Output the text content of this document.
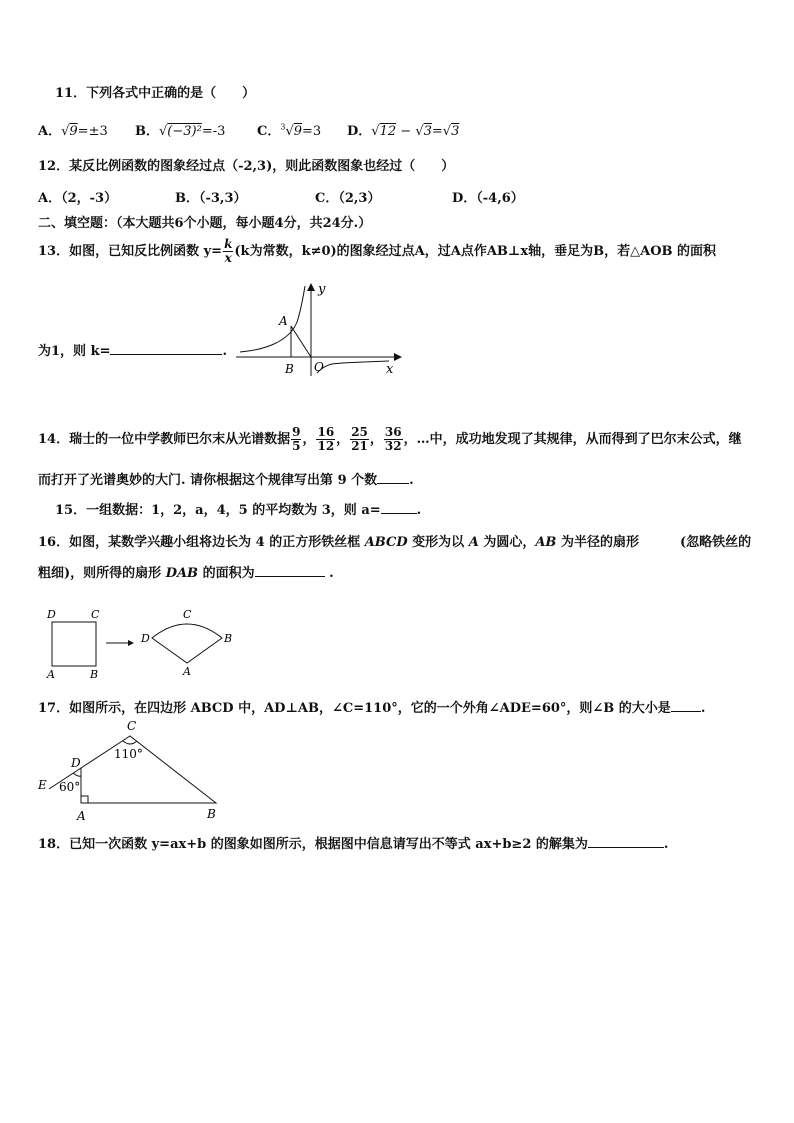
11．下列各式中正确的是（　　）
A．√9=±3 B．√(−3)²=-3 C．$^3$√9=3 D．√12 − √3=√3
12．某反比例函数的图象经过点（-2,3)，则此函数图象也经过（　　）
A．（2，-3）	B．（-3,3）	C．（2,3）	D．（-4,6）
二、填空题：（本大题共6个小题，每小题4分，共24分.）
13．如图，已知反比例函数 $y= \frac{k}{x} (k$为常数，k≠0)的图象经过点A，过A点作AB⊥x轴，垂足为B，若△AOB 的面积
为1，则 k=	.
A
B O	x
y
14．瑞士的一位中学教师巴尔末从光谱数据 $\frac{9}{5}$ ， $\frac{16}{12}$ ， $\frac{25}{21}$ ， $\frac{36}{32}$ ，…中，成功地发现了其规律，从而得到了巴尔末公式，继
而打开了光谱奥妙的大门. 请你根据这个规律写出第 9 个数 .
15．一组数据：1，2，a，4，5 的平均数为 3，则 a=	.
16．如图，某数学兴趣小组将边长为 4 的正方形铁丝框 ABCD 变形为以 A 为圆心，AB 为半径的扇形	(忽略铁丝的
粗细)，则所得的扇形 DAB 的面积为	.
D	C
A	B
D
C
B
A
17．如图所示，在四边形 ABCD 中，AD⊥AB，∠C=110°，它的一个外角∠ADE=60°，则∠B 的大小是 .
C
110°
D
60°
E
A	B
18．已知一次函数 y=ax+b 的图象如图所示，根据图中信息请写出不等式 ax+b≥2 的解集为	.
